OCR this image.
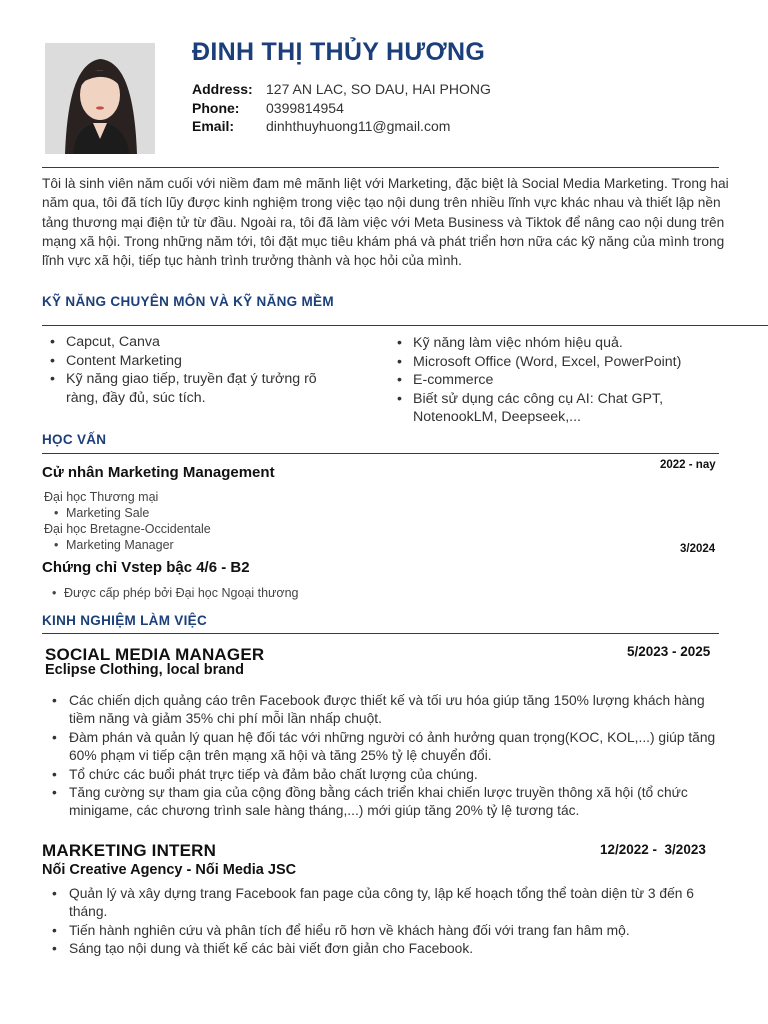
ĐINH THỊ THỦY HƯƠNG
Address: 127 AN LAC, SO DAU, HAI PHONG
Phone: 0399814954
Email: dinhthuyhuong11@gmail.com
Tôi là sinh viên năm cuối với niềm đam mê mãnh liệt với Marketing, đặc biệt là Social Media Marketing. Trong hai năm qua, tôi đã tích lũy được kinh nghiệm trong việc tạo nội dung trên nhiều lĩnh vực khác nhau và thiết lập nền tảng thương mại điện tử từ đầu. Ngoài ra, tôi đã làm việc với Meta Business và Tiktok để nâng cao nội dung trên mạng xã hội. Trong những năm tới, tôi đặt mục tiêu khám phá và phát triển hơn nữa các kỹ năng của mình trong lĩnh vực xã hội, tiếp tục hành trình trưởng thành và học hỏi của mình.
KỸ NĂNG CHUYÊN MÔN VÀ KỸ NĂNG MỀM
• Capcut, Canva
• Content Marketing
• Kỹ năng giao tiếp, truyền đạt ý tưởng rõ ràng, đầy đủ, súc tích.
• Kỹ năng làm việc nhóm hiệu quả.
• Microsoft Office (Word, Excel, PowerPoint)
• E-commerce
• Biết sử dụng các công cụ AI: Chat GPT, NotenookLM, Deepseek,...
HỌC VẤN
Cử nhân Marketing Management	2022 - nay
Đại học Thương mại
• Marketing Sale
Đại học Bretagne-Occidentale
• Marketing Manager	3/2024
Chứng chỉ Vstep bậc 4/6 - B2
• Được cấp phép bởi Đại học Ngoại thương
KINH NGHIỆM LÀM VIỆC
SOCIAL MEDIA MANAGER	5/2023 - 2025
Eclipse Clothing, local brand
• Các chiến dịch quảng cáo trên Facebook được thiết kế và tối ưu hóa giúp tăng 150% lượng khách hàng tiềm năng và giảm 35% chi phí mỗi lần nhấp chuột.
• Đàm phán và quản lý quan hệ đối tác với những người có ảnh hưởng quan trọng(KOC, KOL,...) giúp tăng 60% phạm vi tiếp cận trên mạng xã hội và tăng 25% tỷ lệ chuyển đổi.
• Tổ chức các buổi phát trực tiếp và đảm bảo chất lượng của chúng.
• Tăng cường sự tham gia của cộng đồng bằng cách triển khai chiến lược truyền thông xã hội (tổ chức minigame, các chương trình sale hàng tháng,...) mới giúp tăng 20% tỷ lệ tương tác.
MARKETING INTERN	12/2022 -  3/2023
Nối Creative Agency - Nối Media JSC
• Quản lý và xây dựng trang Facebook fan page của công ty, lập kế hoạch tổng thể toàn diện từ 3 đến 6 tháng.
• Tiến hành nghiên cứu và phân tích để hiểu rõ hơn về khách hàng đối với trang fan hâm mộ.
• Sáng tạo nội dung và thiết kế các bài viết đơn giản cho Facebook.
